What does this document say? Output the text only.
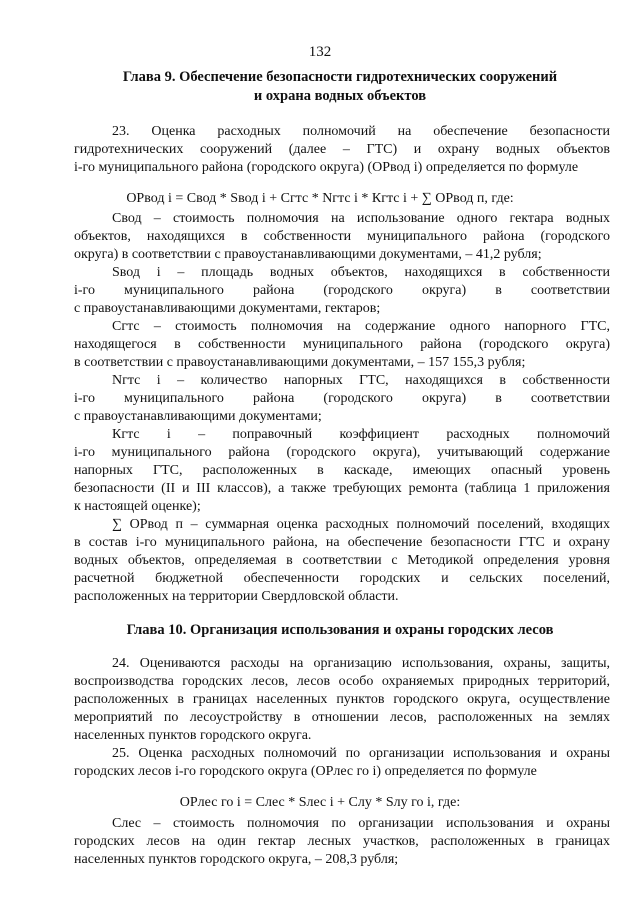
132
Глава 9. Обеспечение безопасности гидротехнических сооружений
и охрана водных объектов
23. Оценка расходных полномочий на обеспечение безопасности
гидротехнических сооружений (далее – ГТС) и охрану водных объектов
i-го муниципального района (городского округа) (ОРвод i) определяется по формуле
ОРвод i = Свод * Sвод i + Сгтс * Nгтс i * Кгтс i + ∑ ОРвод п, где:
Свод – стоимость полномочия на использование одного гектара водных
объектов, находящихся в собственности муниципального района (городского
округа) в соответствии с правоустанавливающими документами, – 41,2 рубля;
Sвод i – площадь водных объектов, находящихся в собственности
i-го муниципального района (городского округа) в соответствии
с правоустанавливающими документами, гектаров;
Сгтс – стоимость полномочия на содержание одного напорного ГТС,
находящегося в собственности муниципального района (городского округа)
в соответствии с правоустанавливающими документами, – 157 155,3 рубля;
Nгтс i – количество напорных ГТС, находящихся в собственности
i-го муниципального района (городского округа) в соответствии
с правоустанавливающими документами;
Кгтс i – поправочный коэффициент расходных полномочий
i-го муниципального района (городского округа), учитывающий содержание
напорных ГТС, расположенных в каскаде, имеющих опасный уровень
безопасности (II и III классов), а также требующих ремонта (таблица 1 приложения
к настоящей оценке);
∑ ОРвод п – суммарная оценка расходных полномочий поселений, входящих
в состав i-го муниципального района, на обеспечение безопасности ГТС и охрану
водных объектов, определяемая в соответствии с Методикой определения уровня
расчетной бюджетной обеспеченности городских и сельских поселений,
расположенных на территории Свердловской области.
Глава 10. Организация использования и охраны городских лесов
24. Оцениваются расходы на организацию использования, охраны, защиты,
воспроизводства городских лесов, лесов особо охраняемых природных территорий,
расположенных в границах населенных пунктов городского округа, осуществление
мероприятий по лесоустройству в отношении лесов, расположенных на землях
населенных пунктов городского округа.
25. Оценка расходных полномочий по организации использования и охраны
городских лесов i-го городского округа (ОРлес го i) определяется по формуле
ОРлес го i = Слес * Sлес i + Слу * Sлу го i, где:
Слес – стоимость полномочия по организации использования и охраны
городских лесов на один гектар лесных участков, расположенных в границах
населенных пунктов городского округа, – 208,3 рубля;
